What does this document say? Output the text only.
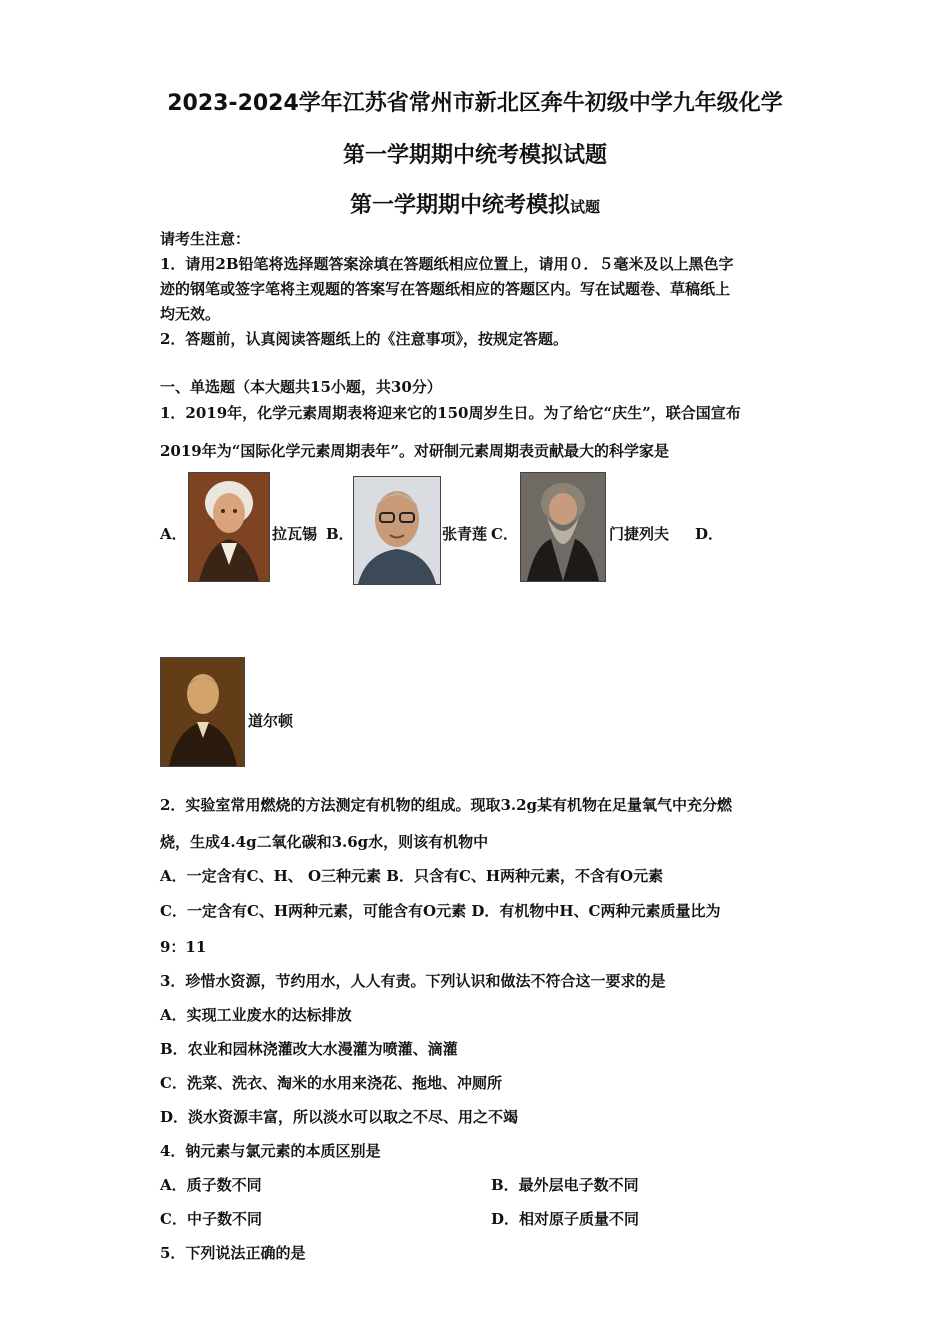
2023-2024学年江苏省常州市新北区奔牛初级中学九年级化学
第一学期期中统考模拟试题
第一学期期中统考模拟试题
请考生注意：
1．请用2B铅笔将选择题答案涂填在答题纸相应位置上，请用０．５毫米及以上黑色字
迹的钢笔或签字笔将主观题的答案写在答题纸相应的答题区内。写在试题卷、草稿纸上
均无效。
2．答题前，认真阅读答题纸上的《注意事项》，按规定答题。
一、单选题（本大题共15小题，共30分）
1．2019年，化学元素周期表将迎来它的150周岁生日。为了给它“庆生”，联合国宣布
2019年为“国际化学元素周期表年”。对研制元素周期表贡献最大的科学家是
A．	拉瓦锡 B．	张青莲 C．	门捷列夫 D．
道尔顿
2．实验室常用燃烧的方法测定有机物的组成。现取3.2g某有机物在足量氧气中充分燃
烧，生成4.4g二氧化碳和3.6g水，则该有机物中
A．一定含有C、H、 O三种元素 B．只含有C、H两种元素，不含有O元素
C．一定含有C、H两种元素，可能含有O元素 D．有机物中H、C两种元素质量比为
9：11
3．珍惜水资源，节约用水，人人有责。下列认识和做法不符合这一要求的是
A．实现工业废水的达标排放
B．农业和园林浇灌改大水漫灌为喷灌、滴灌
C．洗菜、洗衣、淘米的水用来浇花、拖地、冲厕所
D．淡水资源丰富，所以淡水可以取之不尽、用之不竭
4．钠元素与氯元素的本质区别是
A．质子数不同	B．最外层电子数不同
C．中子数不同	D．相对原子质量不同
5．下列说法正确的是
